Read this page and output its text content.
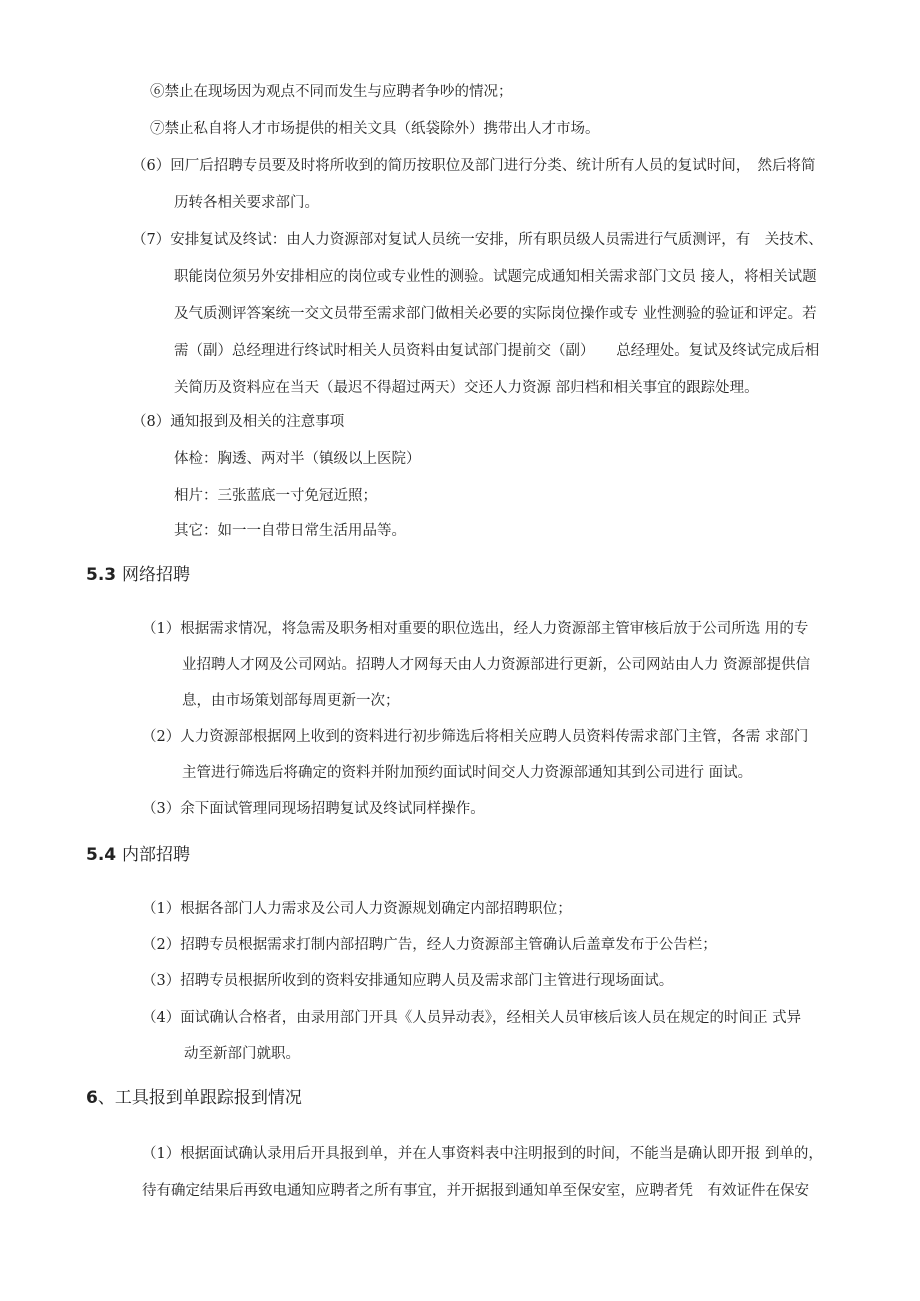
⑥禁止在现场因为观点不同而发生与应聘者争吵的情况；
⑦禁止私自将人才市场提供的相关文具（纸袋除外）携带出人才市场。
（6）回厂后招聘专员要及时将所收到的简历按职位及部门进行分类、统计所有人员的复试时间，　然后将简
历转各相关要求部门。
（7）安排复试及终试：由人力资源部对复试人员统一安排，所有职员级人员需进行气质测评，有　关技术、
职能岗位须另外安排相应的岗位或专业性的测验。试题完成通知相关需求部门文员 接人，将相关试题
及气质测评答案统一交文员带至需求部门做相关必要的实际岗位操作或专 业性测验的验证和评定。若
需（副）总经理进行终试时相关人员资料由复试部门提前交（副）　　总经理处。复试及终试完成后相
关简历及资料应在当天（最迟不得超过两天）交还人力资源 部归档和相关事宜的跟踪处理。
（8）通知报到及相关的注意事项
体检：胸透、两对半（镇级以上医院）
相片：三张蓝底一寸免冠近照；
其它：如一一自带日常生活用品等。
5.3 网络招聘
（1）根据需求情况，将急需及职务相对重要的职位选出，经人力资源部主管审核后放于公司所选 用的专
业招聘人才网及公司网站。招聘人才网每天由人力资源部进行更新，公司网站由人力 资源部提供信
息，由市场策划部每周更新一次；
（2）人力资源部根据网上收到的资料进行初步筛选后将相关应聘人员资料传需求部门主管，各需 求部门
主管进行筛选后将确定的资料并附加预约面试时间交人力资源部通知其到公司进行 面试。
（3）余下面试管理同现场招聘复试及终试同样操作。
5.4 内部招聘
（1）根据各部门人力需求及公司人力资源规划确定内部招聘职位；
（2）招聘专员根据需求打制内部招聘广告，经人力资源部主管确认后盖章发布于公告栏；
（3）招聘专员根据所收到的资料安排通知应聘人员及需求部门主管进行现场面试。
（4）面试确认合格者，由录用部门开具《人员异动表》，经相关人员审核后该人员在规定的时间正 式异
动至新部门就职。
6、工具报到单跟踪报到情况
（1）根据面试确认录用后开具报到单，并在人事资料表中注明报到的时间，不能当是确认即开报 到单的，
待有确定结果后再致电通知应聘者之所有事宜，并开据报到通知单至保安室，应聘者凭　有效证件在保安
